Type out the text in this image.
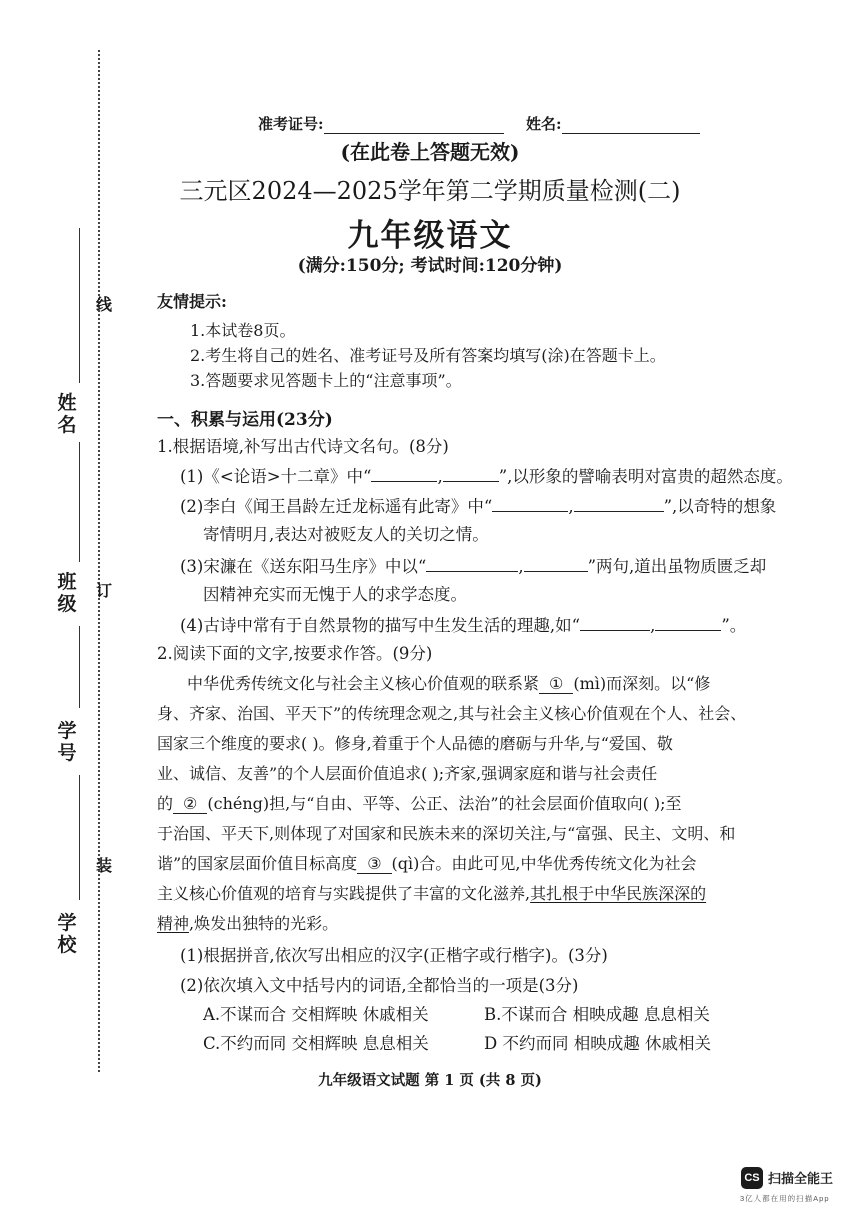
线
订
装
姓名
班级
学号
学校
准考证号:	姓名:
(在此卷上答题无效)
三元区2024—2025学年第二学期质量检测(二)
九年级语文
(满分:150分; 考试时间:120分钟)
友情提示:
1.本试卷8页。
2.考生将自己的姓名、准考证号及所有答案均填写(涂)在答题卡上。
3.答题要求见答题卡上的“注意事项”。
一、积累与运用(23分)
1.根据语境,补写出古代诗文名句。(8分)
(1)《<论语>十二章》中“	,	”,以形象的譬喻表明对富贵的超然态度。
(2)李白《闻王昌龄左迁龙标遥有此寄》中“	,	”,以奇特的想象
寄情明月,表达对被贬友人的关切之情。
(3)宋濂在《送东阳马生序》中以“	,	”两句,道出虽物质匮乏却
因精神充实而无愧于人的求学态度。
(4)古诗中常有于自然景物的描写中生发生活的理趣,如“	,	”。
2.阅读下面的文字,按要求作答。(9分)
中华优秀传统文化与社会主义核心价值观的联系紧 ① (mì)而深刻。以“修
身、齐家、治国、平天下”的传统理念观之,其与社会主义核心价值观在个人、社会、
国家三个维度的要求( )。修身,着重于个人品德的磨砺与升华,与“爱国、敬
业、诚信、友善”的个人层面价值追求( );齐家,强调家庭和谐与社会责任
的 ② (chéng)担,与“自由、平等、公正、法治”的社会层面价值取向( );至
于治国、平天下,则体现了对国家和民族未来的深切关注,与“富强、民主、文明、和
谐”的国家层面价值目标高度 ③ (qì)合。由此可见,中华优秀传统文化为社会
主义核心价值观的培育与实践提供了丰富的文化滋养,其扎根于中华民族深深的
精神,焕发出独特的光彩。
(1)根据拼音,依次写出相应的汉字(正楷字或行楷字)。(3分)
(2)依次填入文中括号内的词语,全都恰当的一项是(3分)
A.不谋而合 交相辉映 休戚相关	B.不谋而合 相映成趣 息息相关
C.不约而同 交相辉映 息息相关	D 不约而同 相映成趣 休戚相关
九年级语文试题 第 1 页 (共 8 页)
CS 扫描全能王
3亿人都在用的扫描App
